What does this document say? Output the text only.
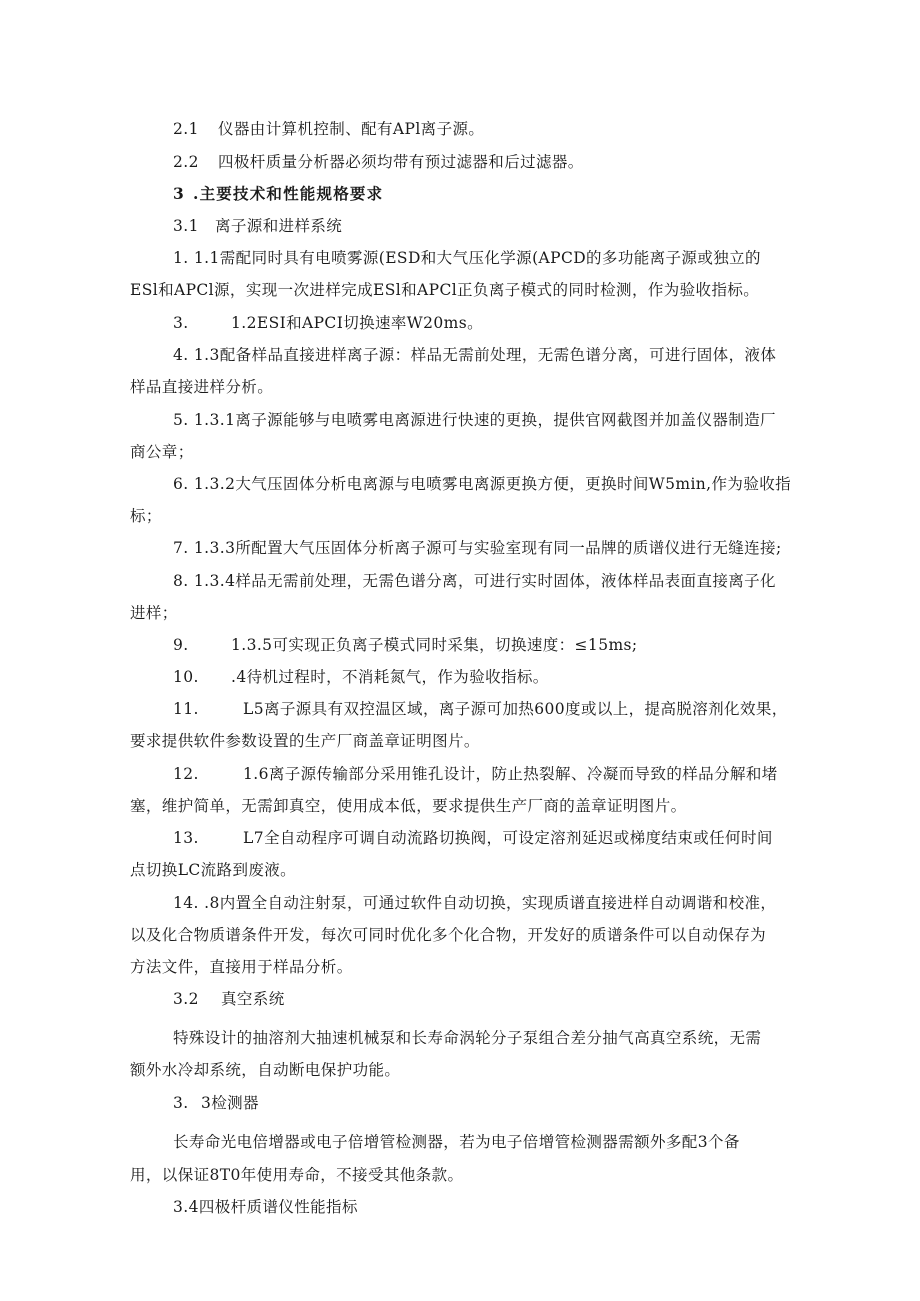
2.1 仪器由计算机控制、配有APl离子源。

2.2 四极杆质量分析器必须均带有预过滤器和后过滤器。

3 .主要技术和性能规格要求

3.1 离子源和进样系统

1. 1.1需配同时具有电喷雾源(ESD和大气压化学源(APCD的多功能离子源或独立的

ESl和APCl源，实现一次进样完成ESl和APCl正负离子模式的同时检测，作为验收指标。

3.	1.2ESI和APCI切换速率W20ms。

4. 1.3配备样品直接进样离子源：样品无需前处理，无需色谱分离，可进行固体，液体

样品直接进样分析。

5. 1.3.1离子源能够与电喷雾电离源进行快速的更换，提供官网截图并加盖仪器制造厂

商公章；

6. 1.3.2大气压固体分析电离源与电喷雾电离源更换方便，更换时间W5min,作为验收指

标；

7. 1.3.3所配置大气压固体分析离子源可与实验室现有同一品牌的质谱仪进行无缝连接;

8. 1.3.4样品无需前处理，无需色谱分离，可进行实时固体，液体样品表面直接离子化

进样；

9.	1.3.5可实现正负离子模式同时采集，切换速度：≤15ms;

10. .4待机过程时，不消耗氮气，作为验收指标。

11.	L5离子源具有双控温区域，离子源可加热600度或以上，提高脱溶剂化效果，

要求提供软件参数设置的生产厂商盖章证明图片。

12.	1.6离子源传输部分采用锥孔设计，防止热裂解、冷凝而导致的样品分解和堵

塞，维护简单，无需卸真空，使用成本低，要求提供生产厂商的盖章证明图片。

13.	L7全自动程序可调自动流路切换阀，可设定溶剂延迟或梯度结束或任何时间

点切换LC流路到废液。

14. .8内置全自动注射泵，可通过软件自动切换，实现质谱直接进样自动调谐和校准，

以及化合物质谱条件开发，每次可同时优化多个化合物，开发好的质谱条件可以自动保存为

方法文件，直接用于样品分析。

3.2 真空系统

特殊设计的抽溶剂大抽速机械泵和长寿命涡轮分子泵组合差分抽气高真空系统，无需

额外水冷却系统，自动断电保护功能。

3. 3检测器

长寿命光电倍增器或电子倍增管检测器，若为电子倍增管检测器需额外多配3个备

用，以保证8T0年使用寿命，不接受其他条款。

3.4四极杆质谱仪性能指标
